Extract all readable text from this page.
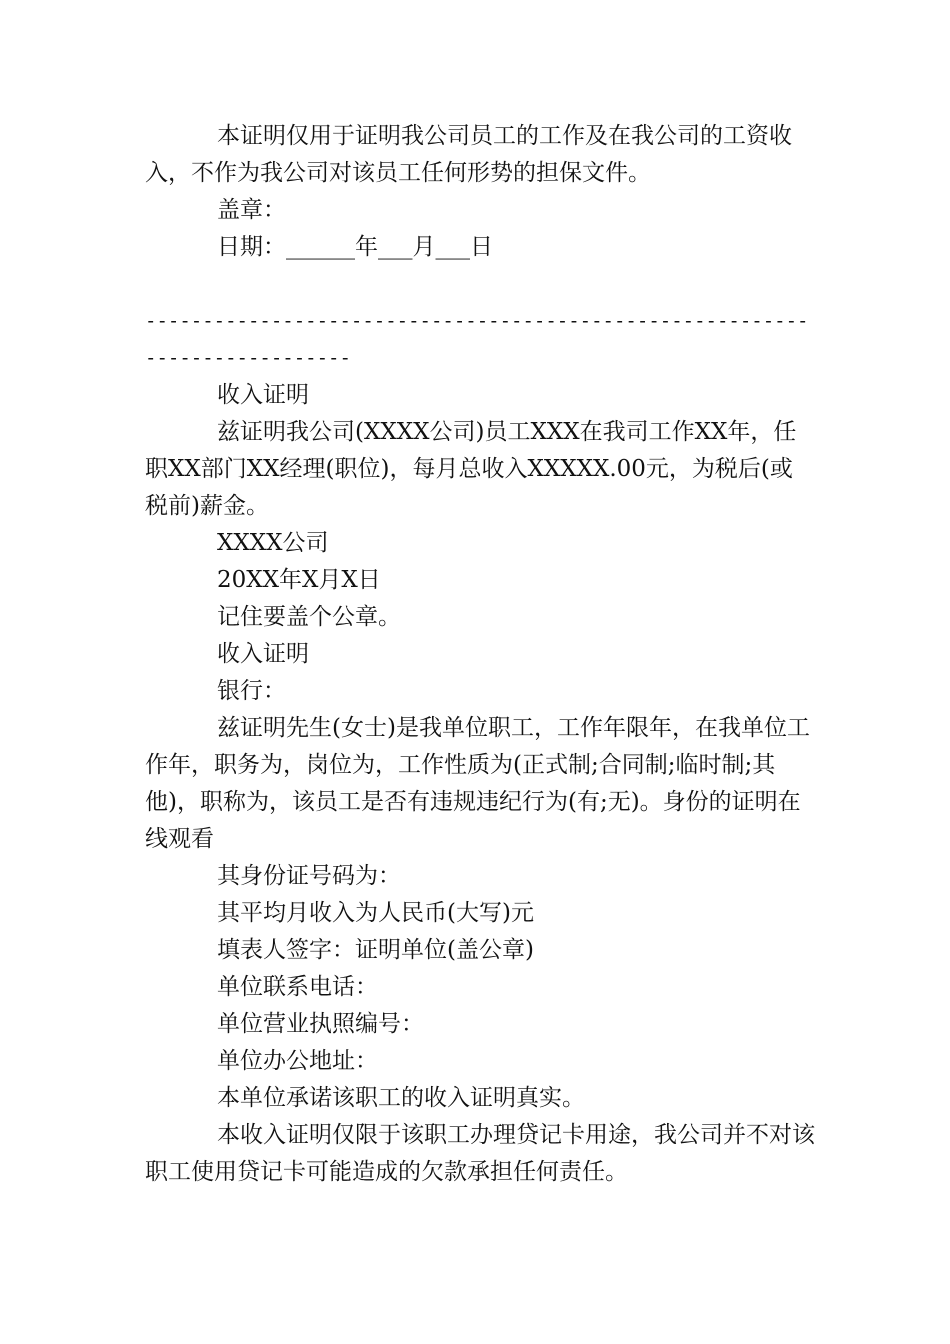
本证明仅用于证明我公司员工的工作及在我公司的工资收入，不作为我公司对该员工任何形势的担保文件。

盖章：

日期：______年___月___日

----------------------------------------------------------------------------

收入证明

兹证明我公司(XXXX公司)员工XXX在我司工作XX年，任职XX部门XX经理(职位)，每月总收入XXXXX.00元，为税后(或税前)薪金。

XXXX公司

20XX年X月X日

记住要盖个公章。

收入证明

银行：

兹证明先生(女士)是我单位职工，工作年限年，在我单位工作年，职务为，岗位为，工作性质为(正式制;合同制;临时制;其他)，职称为，该员工是否有违规违纪行为(有;无)。身份的证明在线观看

其身份证号码为：

其平均月收入为人民币(大写)元

填表人签字：证明单位(盖公章)

单位联系电话：

单位营业执照编号：

单位办公地址：

本单位承诺该职工的收入证明真实。

本收入证明仅限于该职工办理贷记卡用途，我公司并不对该职工使用贷记卡可能造成的欠款承担任何责任。
